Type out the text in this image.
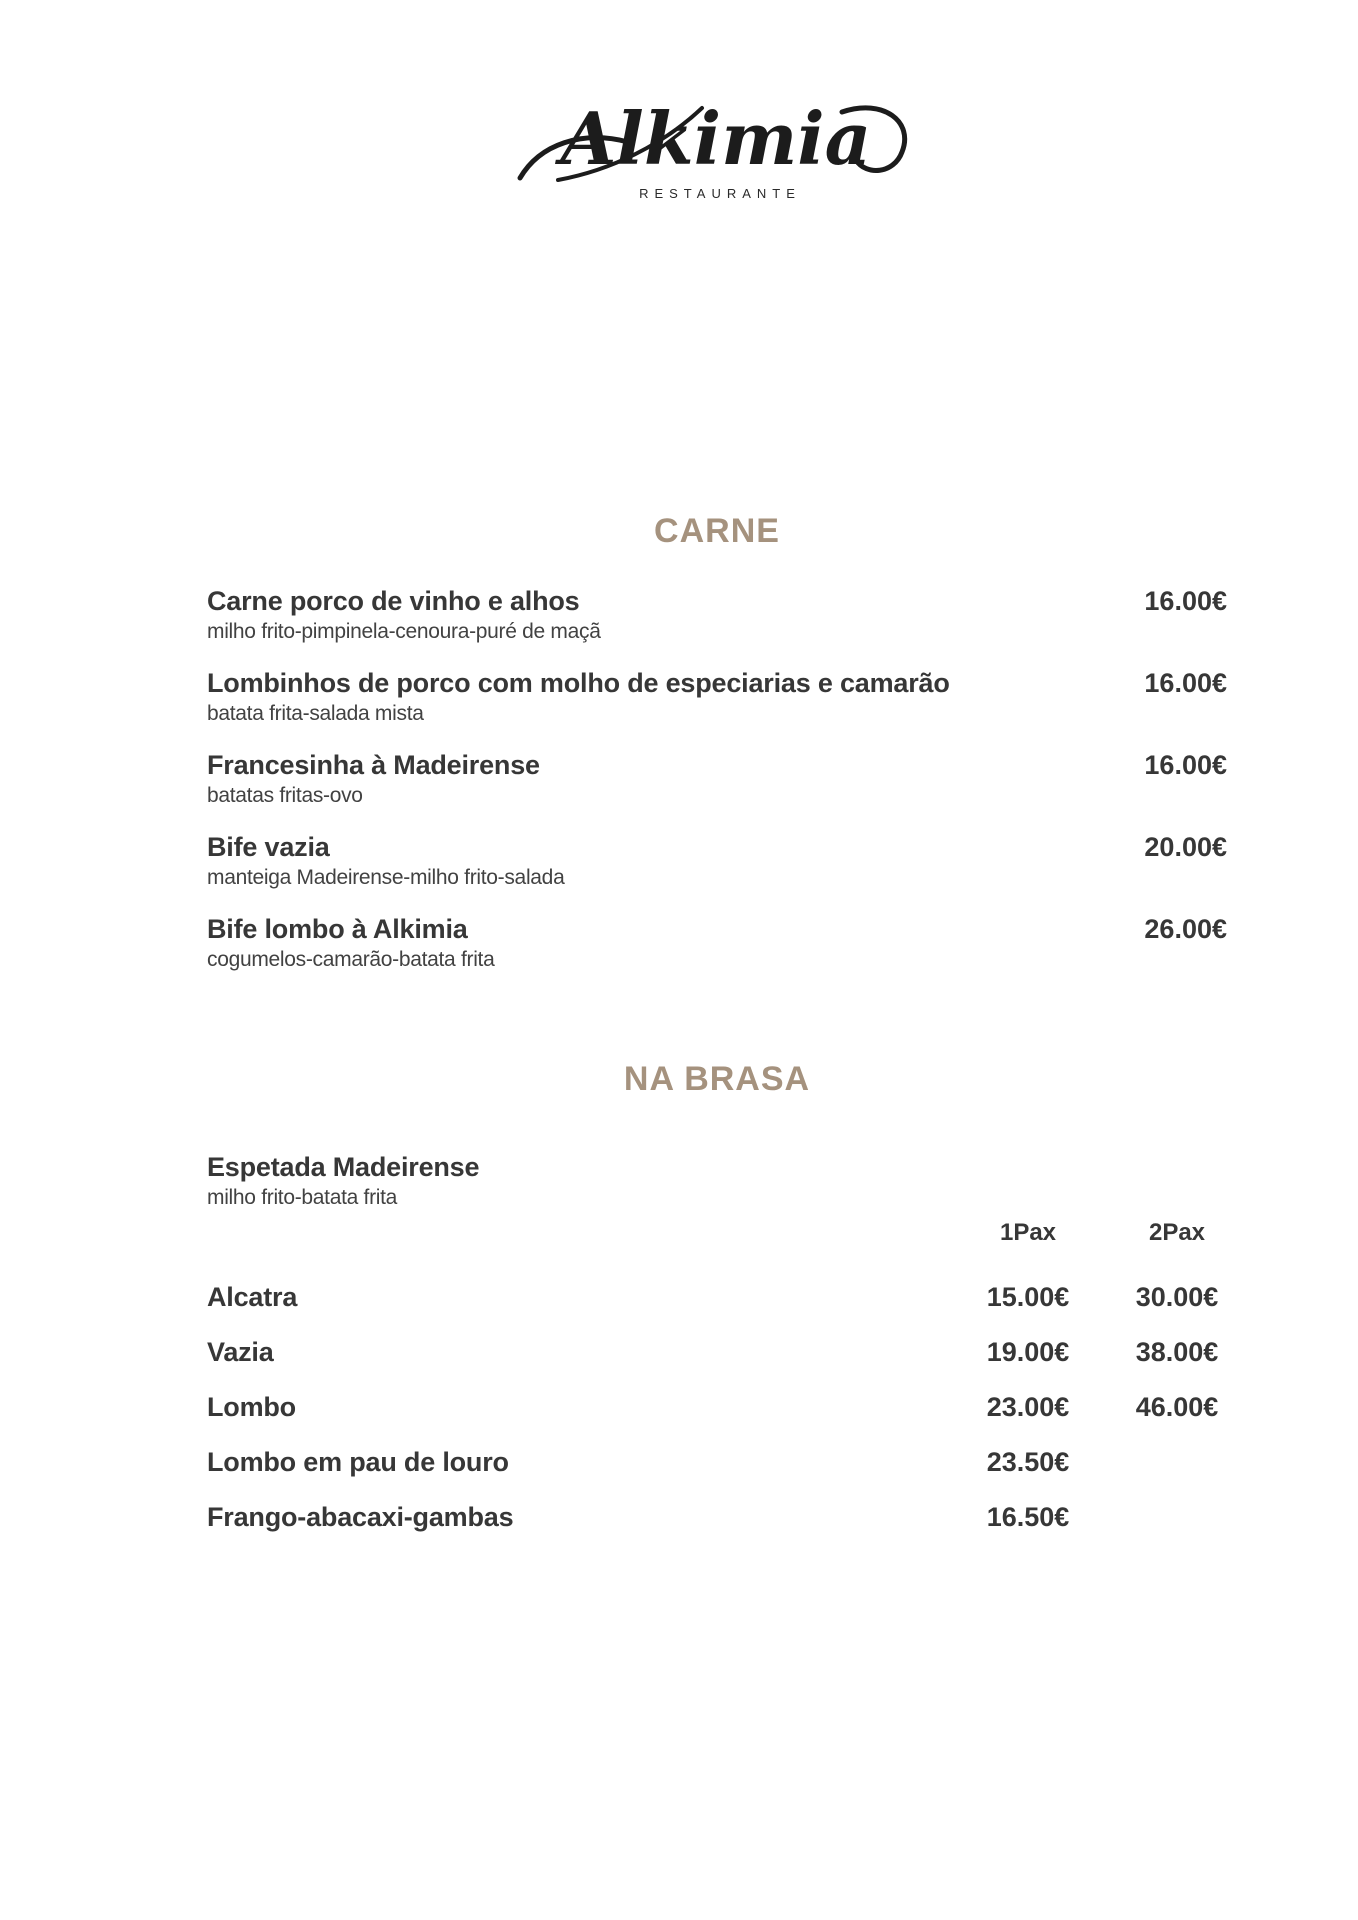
Alkimia
RESTAURANTE
CARNE
Carne porco de vinho e alhos
milho frito-pimpinela-cenoura-puré de maçã
16.00€
Lombinhos de porco com molho de especiarias e camarão
batata frita-salada mista
16.00€
Francesinha à Madeirense
batatas fritas-ovo
16.00€
Bife vazia
manteiga Madeirense-milho frito-salada
20.00€
Bife lombo à Alkimia
cogumelos-camarão-batata frita
26.00€
NA BRASA
Espetada Madeirense
milho frito-batata frita
1Pax	2Pax
Alcatra	15.00€	30.00€
Vazia	19.00€	38.00€
Lombo	23.00€	46.00€
Lombo em pau de louro	23.50€
Frango-abacaxi-gambas	16.50€
